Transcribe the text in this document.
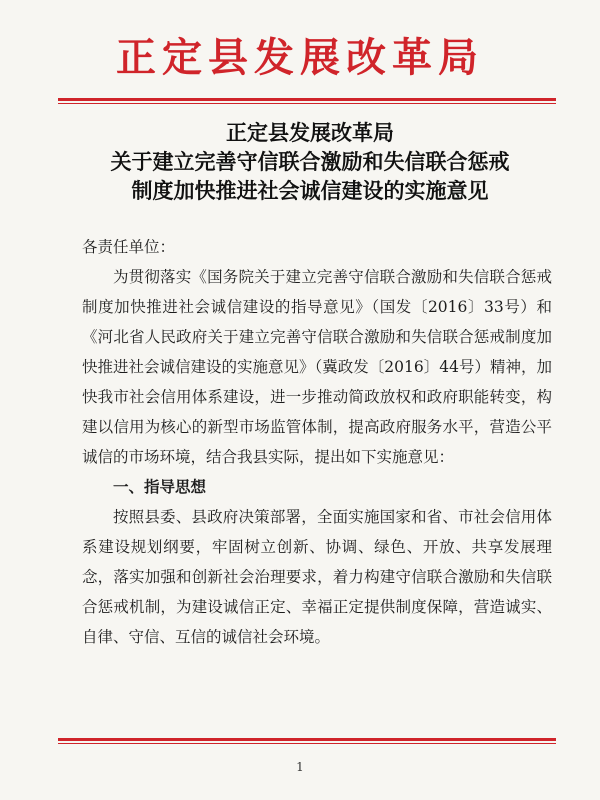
正定县发展改革局
正定县发展改革局
关于建立完善守信联合激励和失信联合惩戒
制度加快推进社会诚信建设的实施意见
各责任单位：

为贯彻落实《国务院关于建立完善守信联合激励和失信联合惩戒制度加快推进社会诚信建设的指导意见》（国发〔2016〕33号）和《河北省人民政府关于建立完善守信联合激励和失信联合惩戒制度加快推进社会诚信建设的实施意见》（冀政发〔2016〕44号）精神，加快我市社会信用体系建设，进一步推动简政放权和政府职能转变，构建以信用为核心的新型市场监管体制，提高政府服务水平，营造公平诚信的市场环境，结合我县实际，提出如下实施意见：

一、指导思想

按照县委、县政府决策部署，全面实施国家和省、市社会信用体系建设规划纲要，牢固树立创新、协调、绿色、开放、共享发展理念，落实加强和创新社会治理要求，着力构建守信联合激励和失信联合惩戒机制，为建设诚信正定、幸福正定提供制度保障，营造诚实、自律、守信、互信的诚信社会环境。

1
